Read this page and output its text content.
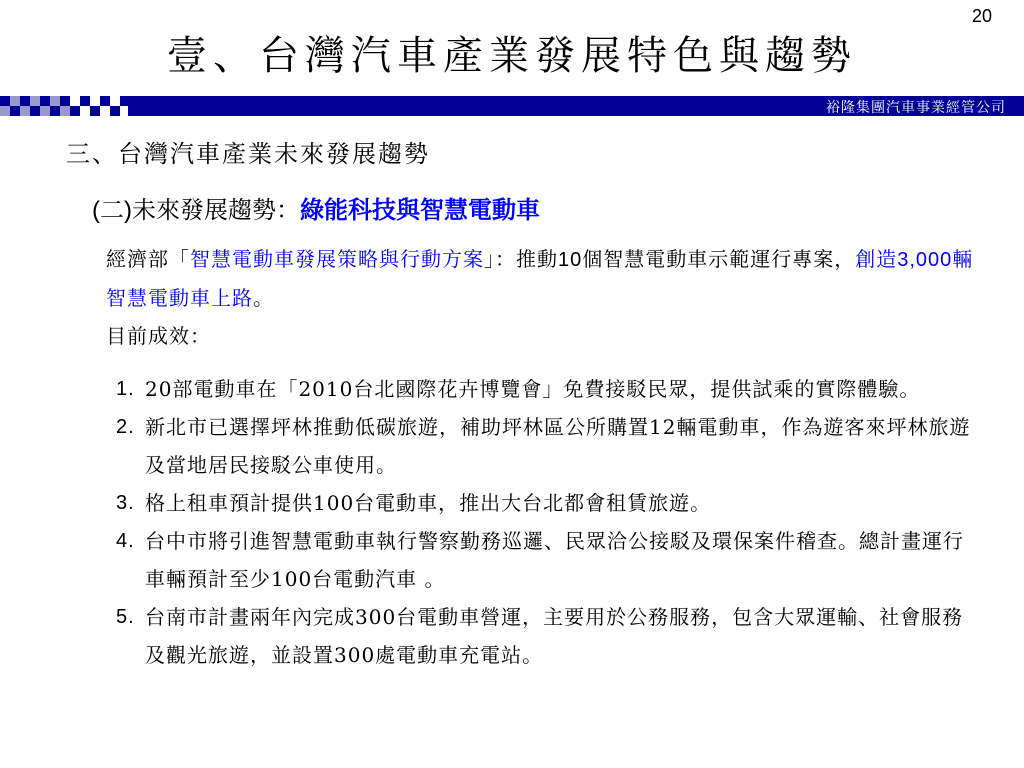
20
壹、台灣汽車產業發展特色與趨勢
裕隆集團汽車事業經管公司
三、台灣汽車產業未來發展趨勢
(二)未來發展趨勢：綠能科技與智慧電動車
經濟部「智慧電動車發展策略與行動方案」：推動10個智慧電動車示範運行專案，創造3,000輛智慧電動車上路。
目前成效：
1. 20部電動車在「2010台北國際花卉博覽會」免費接駁民眾，提供試乘的實際體驗。
2. 新北市已選擇坪林推動低碳旅遊，補助坪林區公所購置12輛電動車，作為遊客來坪林旅遊及當地居民接駁公車使用。
3. 格上租車預計提供100台電動車，推出大台北都會租賃旅遊。
4. 台中市將引進智慧電動車執行警察勤務巡邏、民眾洽公接駁及環保案件稽查。總計畫運行車輛預計至少100台電動汽車 。
5. 台南市計畫兩年內完成300台電動車營運，主要用於公務服務，包含大眾運輸、社會服務及觀光旅遊，並設置300處電動車充電站。
